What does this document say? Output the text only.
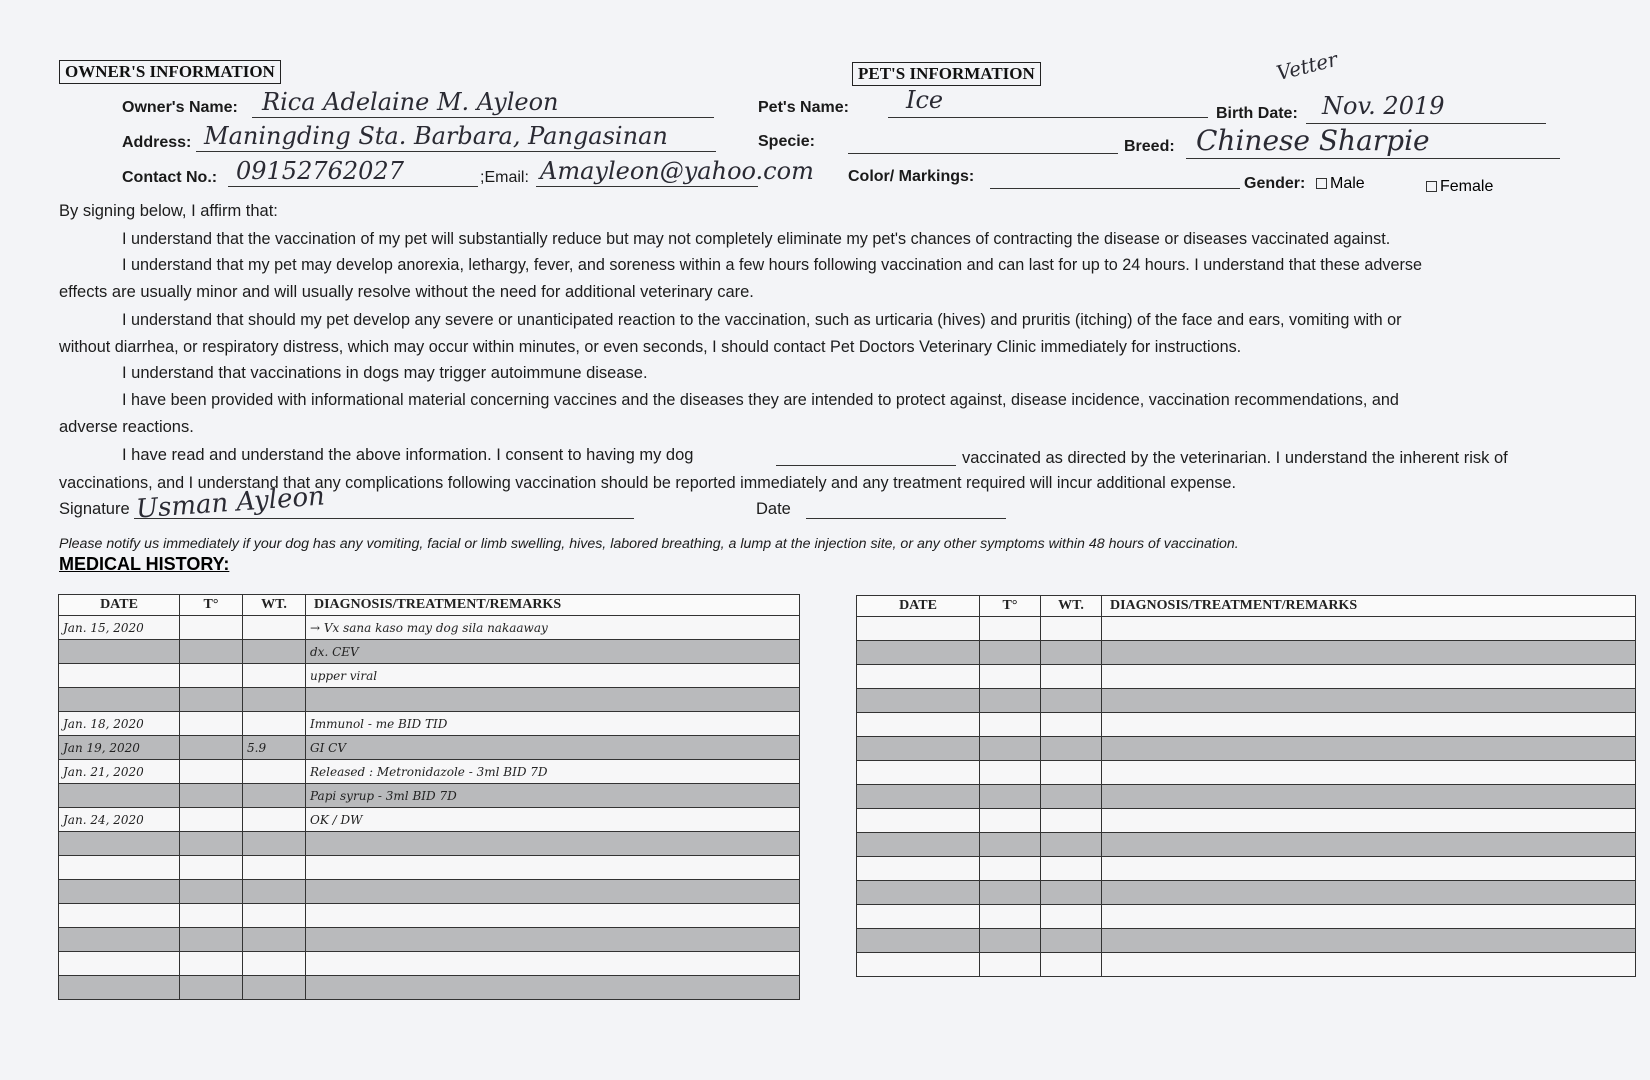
OWNER'S INFORMATION
Owner's Name: Rica Adelaine M. Ayleon
Address: Maningding Sta. Barbara, Pangasinan
Contact No.: 09152762027	;Email: Amayleon@yahoo.com
PET'S INFORMATION
Pet's Name: Ice	Birth Date: Nov. 2019
Vetter
Specie:	Breed: Chinese Sharpie
Color/ Markings:	Gender:	Male	Female
By signing below, I affirm that:
I understand that the vaccination of my pet will substantially reduce but may not completely eliminate my pet's chances of contracting the disease or diseases vaccinated against.
I understand that my pet may develop anorexia, lethargy, fever, and soreness within a few hours following vaccination and can last for up to 24 hours. I understand that these adverse
effects are usually minor and will usually resolve without the need for additional veterinary care.
I understand that should my pet develop any severe or unanticipated reaction to the vaccination, such as urticaria (hives) and pruritis (itching) of the face and ears, vomiting with or
without diarrhea, or respiratory distress, which may occur within minutes, or even seconds, I should contact Pet Doctors Veterinary Clinic immediately for instructions.
I understand that vaccinations in dogs may trigger autoimmune disease.
I have been provided with informational material concerning vaccines and the diseases they are intended to protect against, disease incidence, vaccination recommendations, and
adverse reactions.
I have read and understand the above information. I consent to having my dog	vaccinated as directed by the veterinarian. I understand the inherent risk of
vaccinations, and I understand that any complications following vaccination should be reported immediately and any treatment required will incur additional expense.
Signature Usman Ayleon	Date
Please notify us immediately if your dog has any vomiting, facial or limb swelling, hives, labored breathing, a lump at the injection site, or any other symptoms within 48 hours of vaccination.
MEDICAL HISTORY:
DATE	T°	WT.	DIAGNOSIS/TREATMENT/REMARKS
Jan. 15, 2020			→ Vx sana kaso may dog sila nakaaway
			dx. CEV
			upper viral

Jan. 18, 2020			Immunol - me BID TID
Jan 19, 2020		5.9	GI CV
Jan. 21, 2020			Released : Metronidazole - 3ml BID 7D
			Papi syrup - 3ml BID 7D
Jan. 24, 2020			OK / DW

DATE	T°	WT.	DIAGNOSIS/TREATMENT/REMARKS
